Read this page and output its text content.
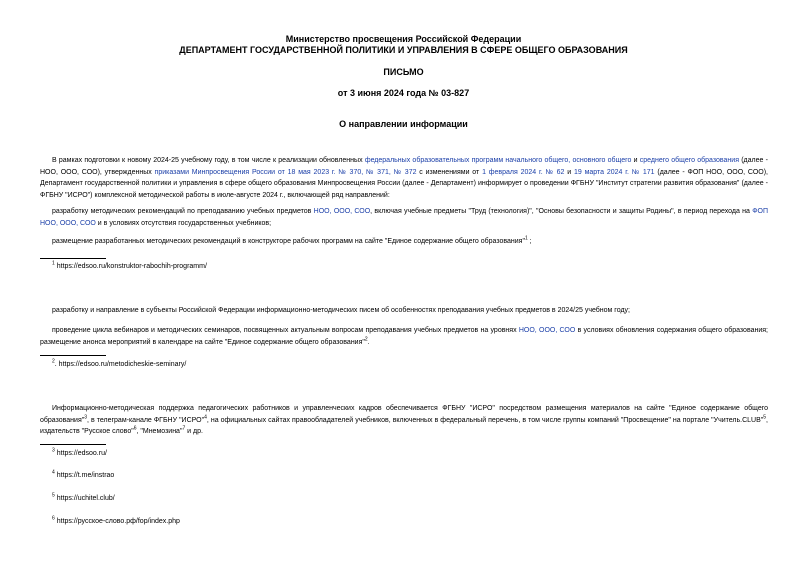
Министерство просвещения Российской Федерации
ДЕПАРТАМЕНТ ГОСУДАРСТВЕННОЙ ПОЛИТИКИ И УПРАВЛЕНИЯ В СФЕРЕ ОБЩЕГО ОБРАЗОВАНИЯ
ПИСЬМО
от 3 июня 2024 года № 03-827
О направлении информации
В рамках подготовки к новому 2024-25 учебному году, в том числе к реализации обновленных федеральных образовательных программ начального общего, основного общего и среднего общего образования (далее - НОО, ООО, СОО), утвержденных приказами Минпросвещения России от 18 мая 2023 г. № 370, № 371, № 372 с изменениями от 1 февраля 2024 г. № 62 и 19 марта 2024 г. № 171 (далее - ФОП НОО, ООО, СОО), Департамент государственной политики и управления в сфере общего образования Минпросвещения России (далее - Департамент) информирует о проведении ФГБНУ "Институт стратегии развития образования" (далее - ФГБНУ "ИСРО") комплексной методической работы в июле-августе 2024 г., включающей ряд направлений:
разработку методических рекомендаций по преподаванию учебных предметов НОО, ООО, СОО, включая учебные предметы "Труд (технология)", "Основы безопасности и защиты Родины", в период перехода на ФОП НОО, ООО, СОО и в условиях отсутствия государственных учебников;
размещение разработанных методических рекомендаций в конструкторе рабочих программ на сайте "Единое содержание общего образования"$^1$ ;
$^1$ https://edsoo.ru/konstruktor-rabochih-programm/
разработку и направление в субъекты Российской Федерации информационно-методических писем об особенностях преподавания учебных предметов в 2024/25 учебном году;
проведение цикла вебинаров и методических семинаров, посвященных актуальным вопросам преподавания учебных предметов на уровнях НОО, ООО, СОО в условиях обновления содержания общего образования; размещение анонса мероприятий в календаре на сайте "Единое содержание общего образования"$^2$.
$^2$. https://edsoo.ru/metodicheskie-seminary/
Информационно-методическая поддержка педагогических работников и управленческих кадров обеспечивается ФГБНУ "ИСРО" посредством размещения материалов на сайте "Единое содержание общего образования"$^3$, в телеграм-канале ФГБНУ "ИСРО"$^4$, на официальных сайтах правообладателей учебников, включенных в федеральный перечень, в том числе группы компаний "Просвещение" на портале "Учитель.CLUB"$^5$, издательств "Русское слово"$^6$, "Мнемозина"$^7$ и др.
$^3$ https://edsoo.ru/
$^4$ https://t.me/instrao
$^5$ https://uchitel.club/
$^6$ https://русское-слово.рф/fop/index.php
